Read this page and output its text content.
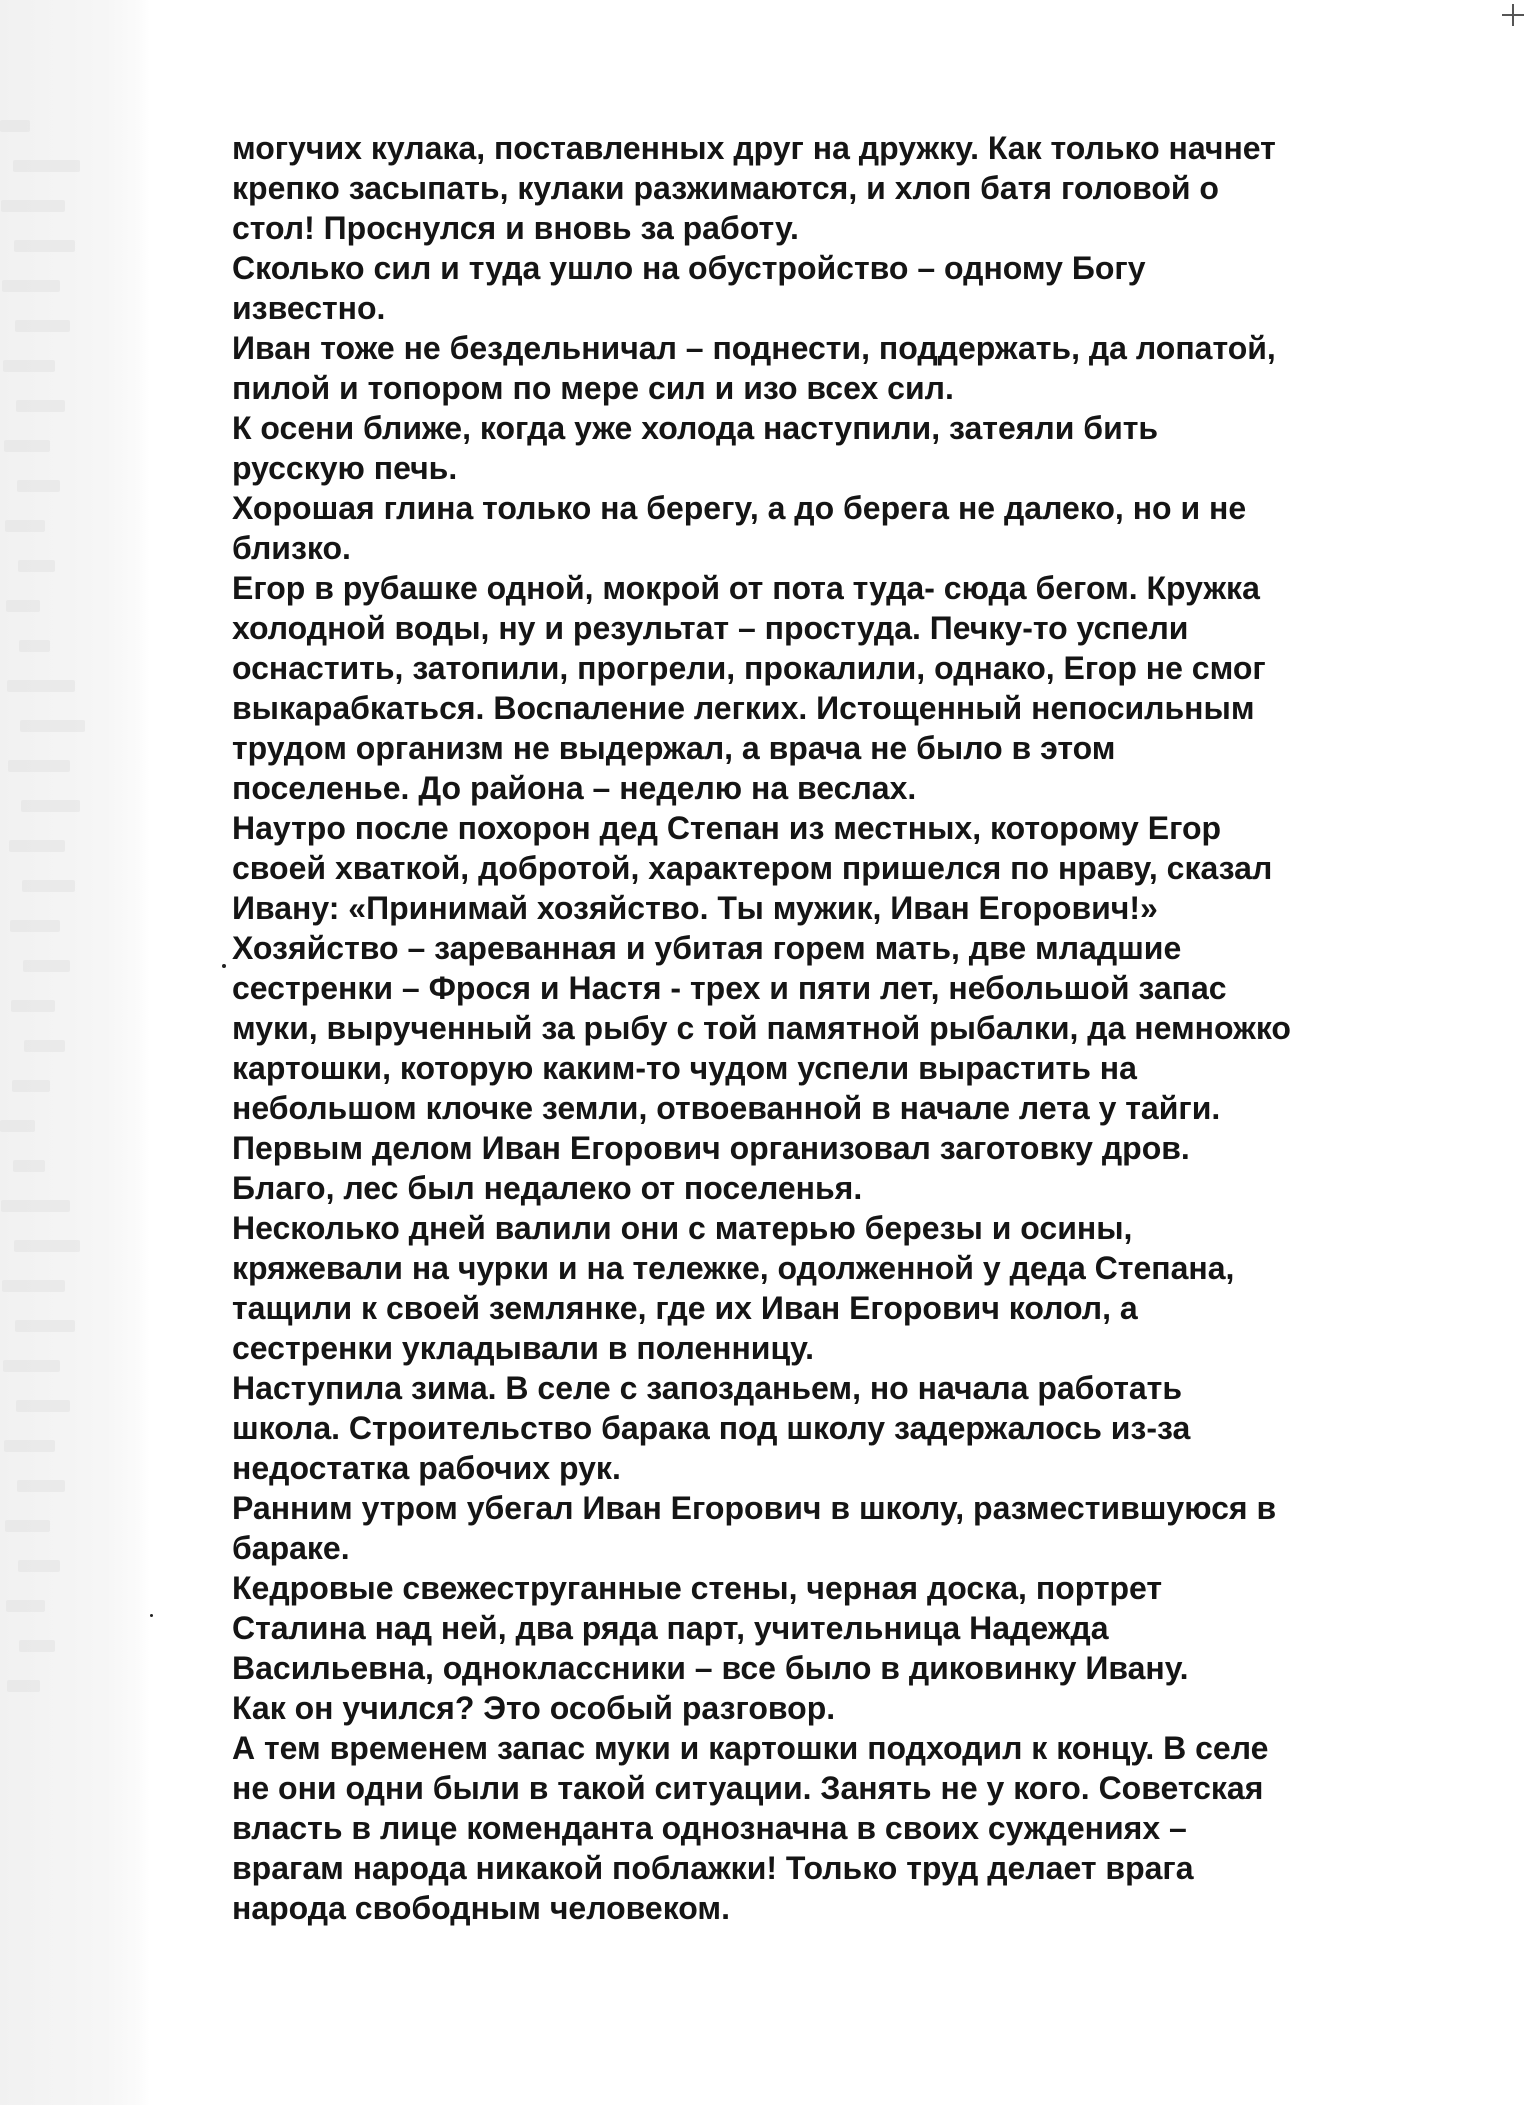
могучих кулака, поставленных друг на дружку. Как только начнет

крепко засыпать, кулаки разжимаются, и хлоп батя головой о

стол! Проснулся и вновь за работу.

Сколько сил и туда ушло на обустройство – одному Богу

известно.

Иван тоже не бездельничал – поднести, поддержать, да лопатой,

пилой и топором по мере сил и изо всех сил.

К осени ближе, когда уже холода наступили, затеяли бить

русскую печь.

Хорошая глина только на берегу, а до берега не далеко, но и не

близко.

Егор в рубашке одной, мокрой от пота туда- сюда бегом. Кружка

холодной воды, ну и результат – простуда. Печку-то успели

оснастить, затопили, прогрели, прокалили, однако, Егор не смог

выкарабкаться. Воспаление легких. Истощенный непосильным

трудом организм не выдержал, а врача не было в этом

поселенье. До района – неделю на веслах.

Наутро после похорон дед Степан из местных, которому Егор

своей хваткой, добротой, характером пришелся по нраву, сказал

Ивану: «Принимай хозяйство. Ты мужик, Иван Егорович!»

Хозяйство – зареванная и убитая горем мать, две младшие

сестренки – Фрося и Настя - трех и пяти лет, небольшой запас

муки, вырученный за рыбу с той памятной рыбалки, да немножко

картошки, которую каким-то чудом успели вырастить на

небольшом клочке земли, отвоеванной в начале лета у тайги.

Первым делом Иван Егорович организовал заготовку дров.

Благо, лес был недалеко от поселенья.

Несколько дней валили они с матерью березы и осины,

кряжевали на чурки и на тележке, одолженной у деда Степана,

тащили к своей землянке, где их Иван Егорович колол, а

сестренки укладывали в поленницу.

Наступила зима. В селе с запозданьем, но начала работать

школа. Строительство барака под школу задержалось из-за

недостатка рабочих рук.

Ранним утром убегал Иван Егорович в школу, разместившуюся в

бараке.

Кедровые свежеструганные стены, черная доска, портрет

Сталина над ней, два ряда парт, учительница Надежда

Васильевна, одноклассники – все было в диковинку Ивану.

Как он учился? Это особый разговор.

А тем временем запас муки и картошки подходил к концу. В селе

не они одни были в такой ситуации. Занять не у кого. Советская

власть в лице коменданта однозначна в своих суждениях –

врагам народа никакой поблажки! Только труд делает врага

народа свободным человеком.
